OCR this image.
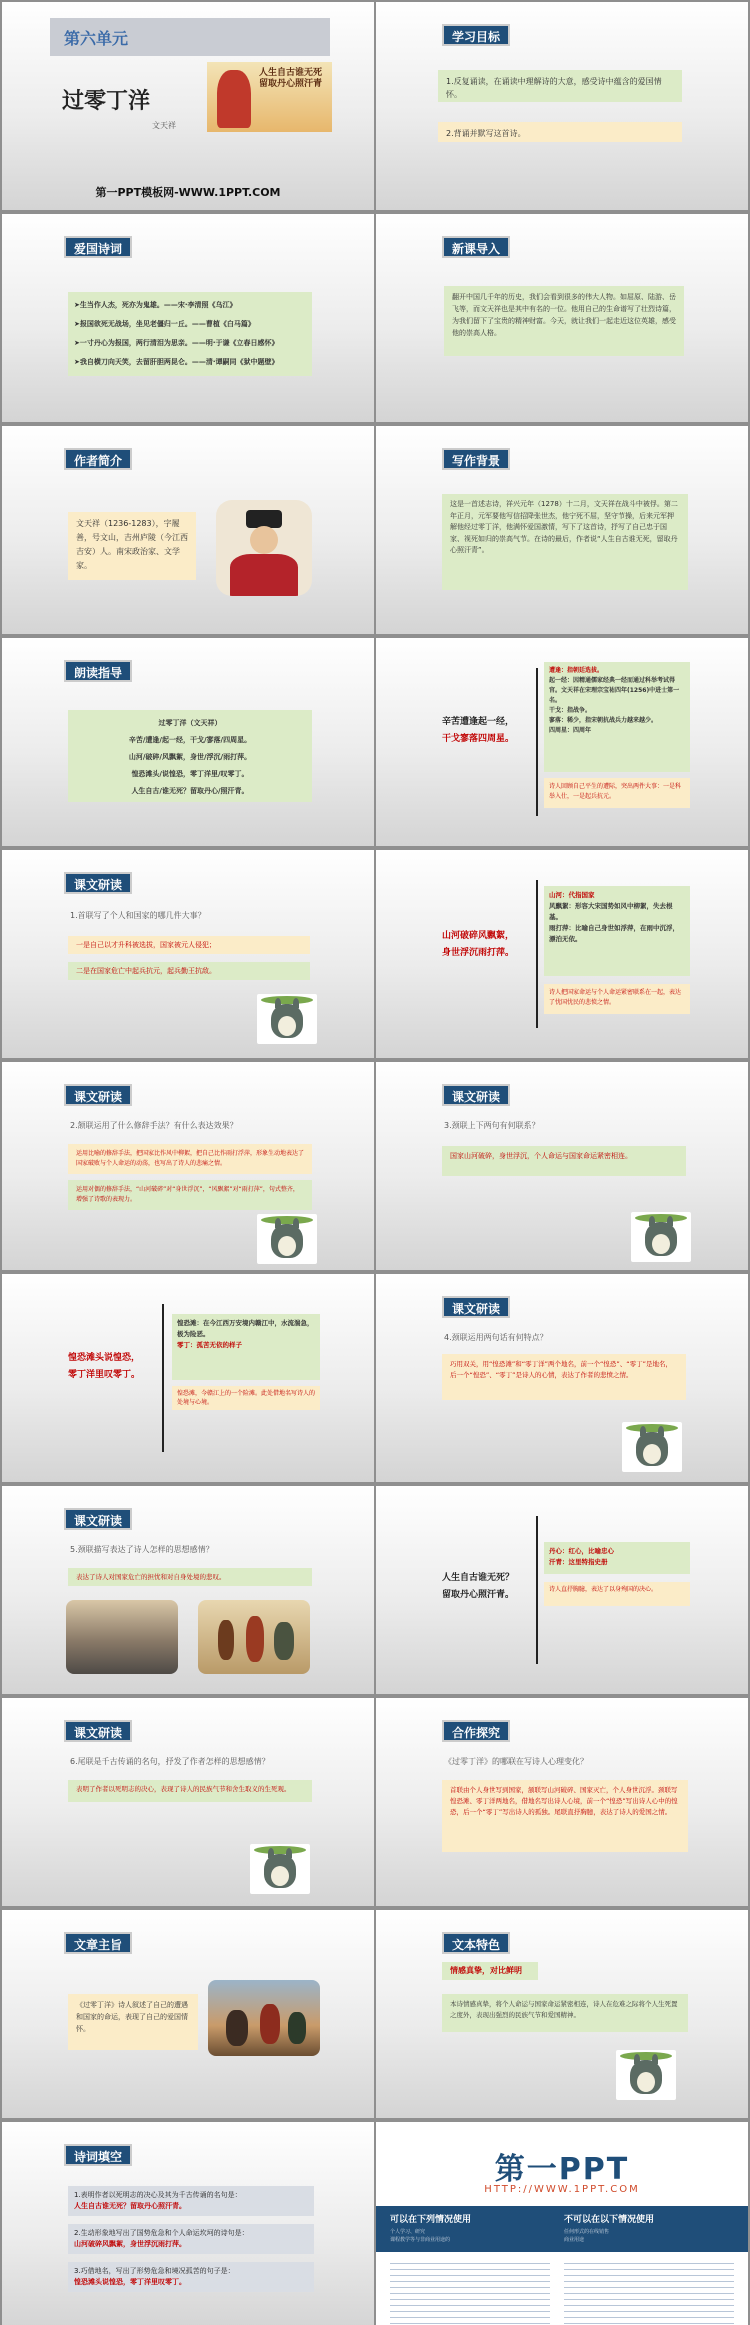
第六单元
过零丁洋
文天祥
人生自古谁无死留取丹心照汗青
第一PPT模板网-WWW.1PPT.COM
学习目标
1.反复诵读，在诵读中理解诗的大意，感受诗中蕴含的爱国情怀。
2.背诵并默写这首诗。
爱国诗词
➤生当作人杰，死亦为鬼雄。——宋·李清照《乌江》
➤报国欲死无战场，坐见老僵归一丘。——曹植《白马篇》
➤一寸丹心为报国，两行清泪为思亲。——明·于谦《立春日感怀》
➤我自横刀向天笑，去留肝胆两昆仑。——清·谭嗣同《狱中题壁》
新课导入
翻开中国几千年的历史，我们会看到很多的伟大人物。如屈原、陆游、岳飞等，而文天祥也是其中有名的一位。他用自己的生命谱写了壮烈诗篇，为我们留下了宝贵的精神财富。今天，就让我们一起走近这位英雄，感受他的崇高人格。
作者简介
文天祥（1236-1283），字履善，号文山，吉州庐陵（今江西吉安）人。南宋政治家、文学家。
写作背景
这是一首述志诗，祥兴元年（1278）十二月，文天祥在战斗中被俘。第二年正月，元军要他写信招降张世杰，他宁死不屈，坚守节操，后来元军押解他经过零丁洋，他满怀爱国激情，写下了这首诗，抒写了自己忠于国家、视死如归的崇高气节。在诗的最后，作者说“人生自古谁无死，留取丹心照汗青”。
朗读指导
过零丁洋（文天祥）
辛苦/遭逢/起一经，干戈/寥落/四周星。
山河/破碎/风飘絮，身世/浮沉/雨打萍。
惶恐滩头/说惶恐，零丁洋里/叹零丁。
人生自古/谁无死？留取丹心/照汗青。
辛苦遭逢起一经，
干戈寥落四周星。
遭逢：指朝廷选拔。
起一经：因精通儒家经典一经而通过科举考试得官。文天祥在宋理宗宝祐四年(1256)中进士第一名。
干戈：指战争。
寥落：稀少，指宋朝抗战兵力越来越少。
四周星：四周年
诗人回顾自己平生的遭际，突出两件大事：一是科举入仕，一是起兵抗元。
课文研读
1.首联写了个人和国家的哪几件大事？
一是自己以才升科被选拔，国家被元人侵犯；
二是在国家危亡中起兵抗元，起兵勤王抗敌。
山河破碎风飘絮，
身世浮沉雨打萍。
山河：代指国家
风飘絮：形容大宋国势如风中柳絮，失去根基。
雨打萍：比喻自己身世如浮萍，在雨中沉浮，漂泊无依。
诗人把国家命运与个人命运紧密联系在一起，表达了忧国忧民的悲愤之情。
课文研读
2.颔联运用了什么修辞手法？有什么表达效果？
运用比喻的修辞手法，把国家比作风中柳絮，把自己比作雨打浮萍，形象生动地表达了国家破败与个人命运的动荡，也写出了诗人的悲痛之情。
运用对偶的修辞手法，“山河破碎”对“身世浮沉”，“风飘絮”对“雨打萍”，句式整齐，增强了诗歌的表现力。
课文研读
3.颈联上下两句有何联系？
国家山河破碎，身世浮沉，个人命运与国家命运紧密相连。
惶恐滩头说惶恐，
零丁洋里叹零丁。
惶恐滩：在今江西万安境内赣江中，水流湍急，极为险恶。
零丁：孤苦无依的样子
惶恐滩，今赣江上的一个险滩。此处借地名写诗人的处境与心境。
课文研读
4.颈联运用两句话有何特点？
巧用双关，用“惶恐滩”和“零丁洋”两个地名，前一个“惶恐”、“零丁”是地名，后一个“惶恐”、“零丁”是诗人的心情，表达了作者的悲愤之情。
课文研读
5.颈联描写表达了诗人怎样的思想感情？
表达了诗人对国家危亡的担忧和对自身处境的悲叹。	人生自古谁无死？
留取丹心照汗青。
丹心：红心，比喻忠心
汗青：这里特指史册
诗人直抒胸臆，表达了以身殉国的决心。
课文研读
6.尾联是千古传诵的名句，抒发了作者怎样的思想感情？
表明了作者以死明志的决心，表现了诗人的民族气节和舍生取义的生死观。
合作探究
《过零丁洋》的哪联在写诗人心理变化？
首联由个人身世写到国家，颔联写山河破碎、国家灭亡，个人身世沉浮。颈联写惶恐滩、零丁洋两地名，借地名写出诗人心境，前一个“惶恐”写出诗人心中的惶恐，后一个“零丁”写出诗人的孤独。尾联直抒胸臆，表达了诗人的爱国之情。
文章主旨
《过零丁洋》诗人叙述了自己的遭遇和国家的命运，表现了自己的爱国情怀。
文本特色
情感真挚，对比鲜明
本诗情感真挚，将个人命运与国家命运紧密相连，诗人在危难之际将个人生死置之度外，表现出强烈的民族气节和爱国精神。
诗词填空
1.表明作者以死明志的决心及其为千古传诵的名句是：
人生自古谁无死？留取丹心照汗青。
2.生动形象地写出了国势危急和个人命运坎坷的诗句是：
山河破碎风飘絮，身世浮沉雨打萍。
3.巧借地名，写出了形势危急和境况孤苦的句子是：
惶恐滩头说惶恐，零丁洋里叹零丁。
第一PPT
HTTP://WWW.1PPT.COM
可以在下列情况使用
个人学习、研究
课程教学等与非商业用途的
不可以在以下情况使用
任何形式的在线销售
商业用途
